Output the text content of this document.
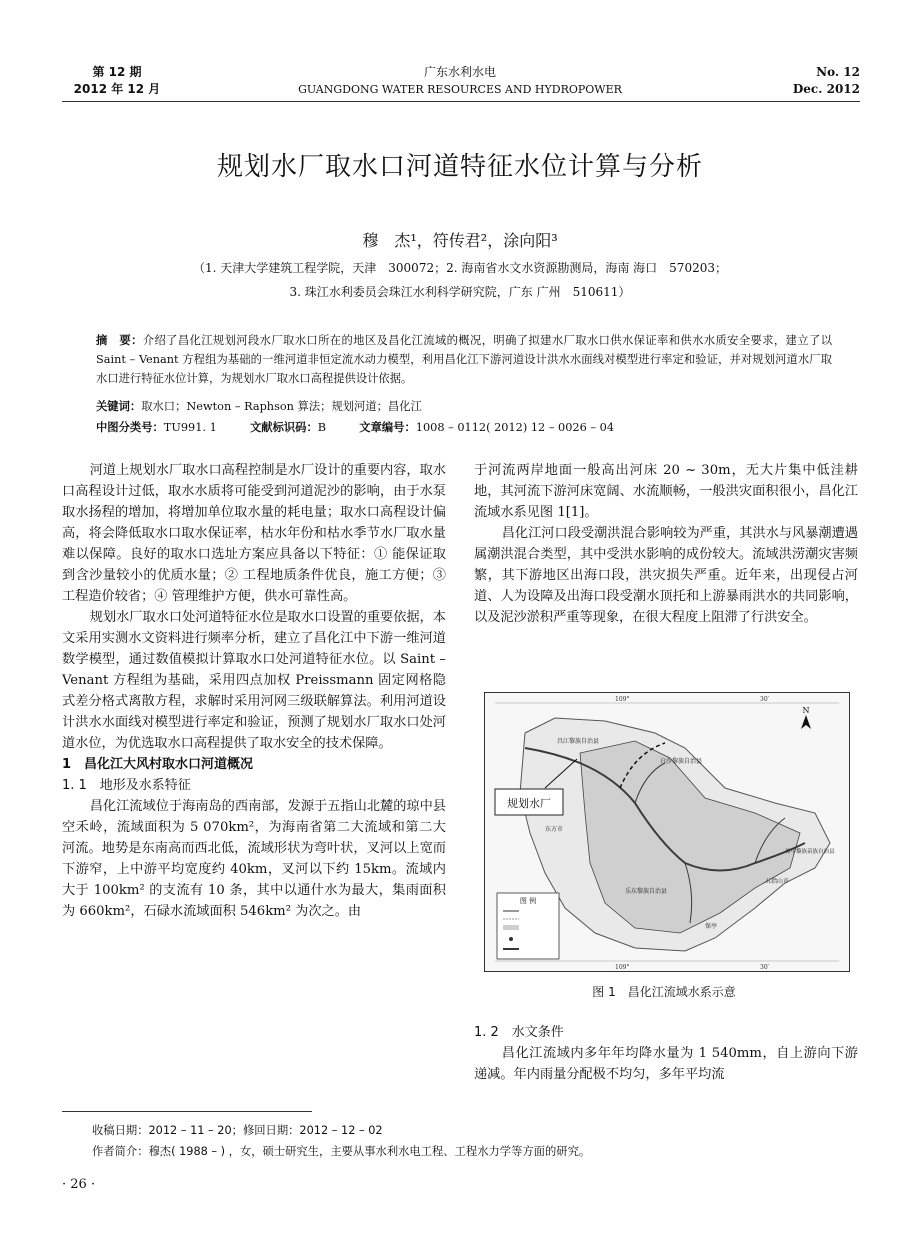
第 12 期
2012 年 12 月
广东水利水电
GUANGDONG WATER RESOURCES AND HYDROPOWER
No. 12
Dec. 2012
规划水厂取水口河道特征水位计算与分析
穆　杰¹，符传君²，涂向阳³
（1. 天津大学建筑工程学院，天津　300072；2. 海南省水文水资源勘测局，海南 海口　570203；
3. 珠江水利委员会珠江水利科学研究院，广东 广州　510611）
摘　要：介绍了昌化江规划河段水厂取水口所在的地区及昌化江流域的概况，明确了拟建水厂取水口供水保证率和供水水质安全要求，建立了以 Saint – Venant 方程组为基础的一维河道非恒定流水动力模型，利用昌化江下游河道设计洪水水面线对模型进行率定和验证，并对规划河道水厂取水口进行特征水位计算，为规划水厂取水口高程提供设计依据。
关键词：取水口；Newton – Raphson 算法；规划河道；昌化江
中图分类号：TU991. 1	文献标识码：B	文章编号：1008 – 0112( 2012) 12 – 0026 – 04

河道上规划水厂取水口高程控制是水厂设计的重要内容，取水口高程设计过低，取水水质将可能受到河道泥沙的影响，由于水泵取水扬程的增加，将增加单位取水量的耗电量；取水口高程设计偏高，将会降低取水口取水保证率，枯水年份和枯水季节水厂取水量难以保障。良好的取水口选址方案应具备以下特征：① 能保证取到含沙量较小的优质水量；② 工程地质条件优良，施工方便；③ 工程造价较省；④ 管理维护方便，供水可靠性高。

规划水厂取水口处河道特征水位是取水口设置的重要依据，本文采用实测水文资料进行频率分析，建立了昌化江中下游一维河道数学模型，通过数值模拟计算取水口处河道特征水位。以 Saint – Venant 方程组为基础，采用四点加权 Preissmann 固定网格隐式差分格式离散方程，求解时采用河网三级联解算法。利用河道设计洪水水面线对模型进行率定和验证，预测了规划水厂取水口处河道水位，为优选取水口高程提供了取水安全的技术保障。

1　昌化江大风村取水口河道概况

1. 1　地形及水系特征

昌化江流域位于海南岛的西南部，发源于五指山北麓的琼中县空禾岭，流域面积为 5 070km²，为海南省第二大流域和第二大河流。地势是东南高而西北低，流域形状为弯叶状，叉河以上宽而下游窄，上中游平均宽度约 40km，叉河以下约 15km。流域内大于 100km² 的支流有 10 条，其中以通什水为最大，集雨面积为 660km²，石碌水流域面积 546km² 为次之。由

于河流两岸地面一般高出河床 20 ~ 30m，无大片集中低洼耕地，其河流下游河床宽阔、水流顺畅，一般洪灾面积很小，昌化江流域水系见图 1[1]。

昌化江河口段受潮洪混合影响较为严重，其洪水与风暴潮遭遇属潮洪混合类型，其中受洪水影响的成份较大。流域洪涝潮灾害频繁，其下游地区出海口段，洪灾损失严重。近年来，出现侵占河道、人为设障及出海口段受潮水顶托和上游暴雨洪水的共同影响，以及泥沙淤积严重等现象，在很大程度上阻滞了行洪安全。

109°	30′
109°	30′
规划水厂
昌江黎族自治县
白沙黎族自治县
东方市
乐东黎族自治县
五指山市
琼中黎族苗族自治县
保亭
图 例
N
图 1　昌化江流域水系示意

1. 2　水文条件

昌化江流域内多年年均降水量为 1 540mm，自上游向下游递减。年内雨量分配极不均匀，多年平均流

收稿日期：2012 – 11 – 20；修回日期：2012 – 12 – 02
作者简介：穆杰( 1988 – ) ，女，硕士研究生，主要从事水利水电工程、工程水力学等方面的研究。
· 26 ·
